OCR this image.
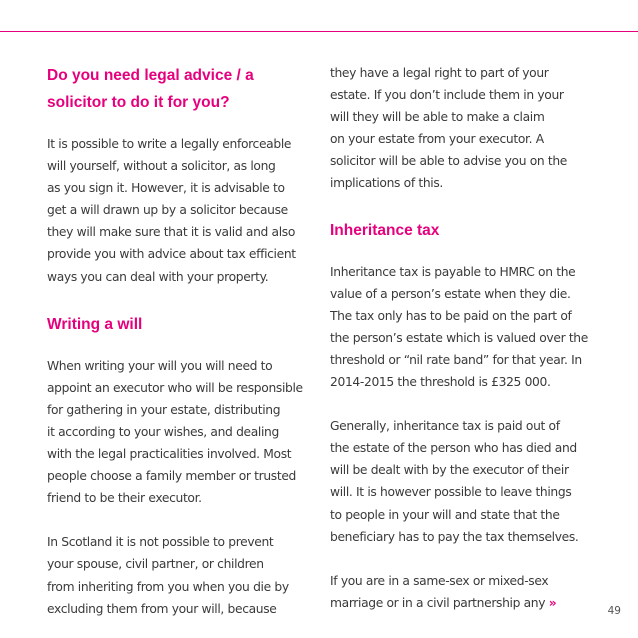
Do you need legal advice / a
solicitor to do it for you?

It is possible to write a legally enforceable
will yourself, without a solicitor, as long
as you sign it. However, it is advisable to
get a will drawn up by a solicitor because
they will make sure that it is valid and also
provide you with advice about tax efficient
ways you can deal with your property.

Writing a will

When writing your will you will need to
appoint an executor who will be responsible
for gathering in your estate, distributing
it according to your wishes, and dealing
with the legal practicalities involved. Most
people choose a family member or trusted
friend to be their executor.

In Scotland it is not possible to prevent
your spouse, civil partner, or children
from inheriting from you when you die by
excluding them from your will, because

they have a legal right to part of your
estate. If you don’t include them in your
will they will be able to make a claim
on your estate from your executor. A
solicitor will be able to advise you on the
implications of this.

Inheritance tax

Inheritance tax is payable to HMRC on the
value of a person’s estate when they die.
The tax only has to be paid on the part of
the person’s estate which is valued over the
threshold or “nil rate band” for that year. In
2014-2015 the threshold is £325 000.

Generally, inheritance tax is paid out of
the estate of the person who has died and
will be dealt with by the executor of their
will. It is however possible to leave things
to people in your will and state that the
beneficiary has to pay the tax themselves.

If you are in a same-sex or mixed-sex
marriage or in a civil partnership any »

49
